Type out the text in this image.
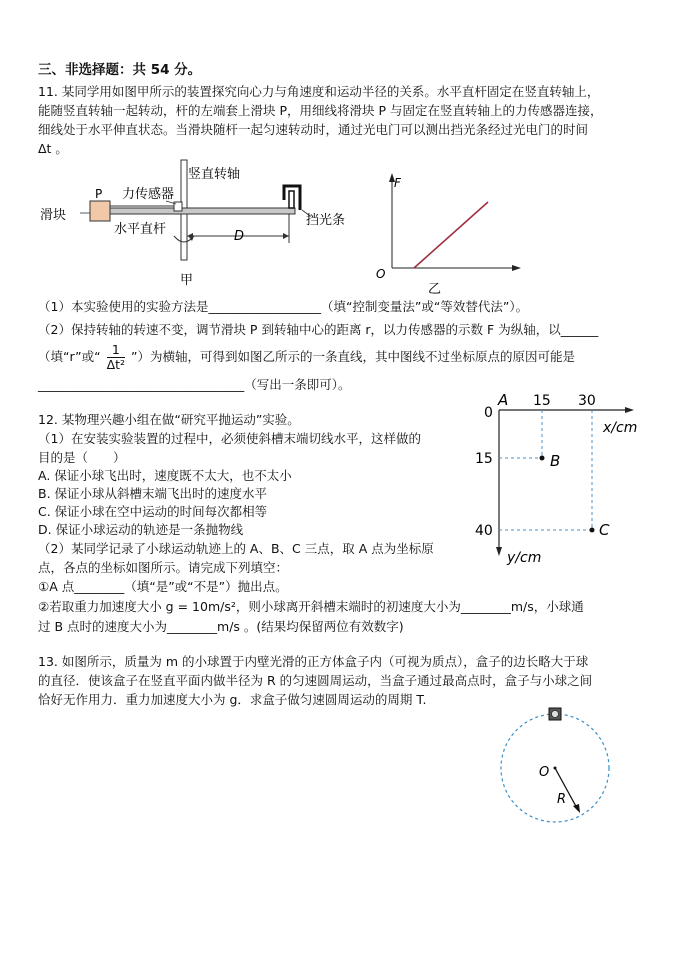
三、非选择题：共 54 分。
11. 某同学用如图甲所示的装置探究向心力与角速度和运动半径的关系。水平直杆固定在竖直转轴上，
能随竖直转轴一起转动，杆的左端套上滑块 P，用细线将滑块 P 与固定在竖直转轴上的力传感器连接，
细线处于水平伸直状态。当滑块随杆一起匀速转动时，通过光电门可以测出挡光条经过光电门的时间
Δt 。
竖直转轴
力传感器
P
滑块
水平直杆	D
挡光条
甲
F
O
乙
（1）本实验使用的实验方法是__________________（填“控制变量法”或“等效替代法”）。
（2）保持转轴的转速不变，调节滑块 P 到转轴中心的距离 r，以力传感器的示数 F 为纵轴，以______
（填“r”或“ $\frac{1}{\text{Δt²}}$ ”）为横轴，可得到如图乙所示的一条直线，其中图线不过坐标原点的原因可能是
_________________________________（写出一条即可）。
12. 某物理兴趣小组在做“研究平抛运动”实验。
（1）在安装实验装置的过程中，必须使斜槽末端切线水平，这样做的
目的是（　　）
A. 保证小球飞出时，速度既不太大，也不太小
B. 保证小球从斜槽末端飞出时的速度水平
C. 保证小球在空中运动的时间每次都相等
D. 保证小球运动的轨迹是一条抛物线
（2）某同学记录了小球运动轨迹上的 A、B、C 三点，取 A 点为坐标原
点，各点的坐标如图所示。请完成下列填空：
①A 点________（填“是”或“不是”）抛出点。
②若取重力加速度大小 g = 10m/s²，则小球离开斜槽末端时的初速度大小为________m/s，小球通
过 B 点时的速度大小为________m/s 。(结果均保留两位有效数字)
A
0
15 30
15
40
B
C
x/cm
y/cm
13. 如图所示，质量为 m 的小球置于内壁光滑的正方体盒子内（可视为质点），盒子的边长略大于球
的直径．使该盒子在竖直平面内做半径为 R 的匀速圆周运动，当盒子通过最高点时，盒子与小球之间
恰好无作用力．重力加速度大小为 g．求盒子做匀速圆周运动的周期 T.
O
R
